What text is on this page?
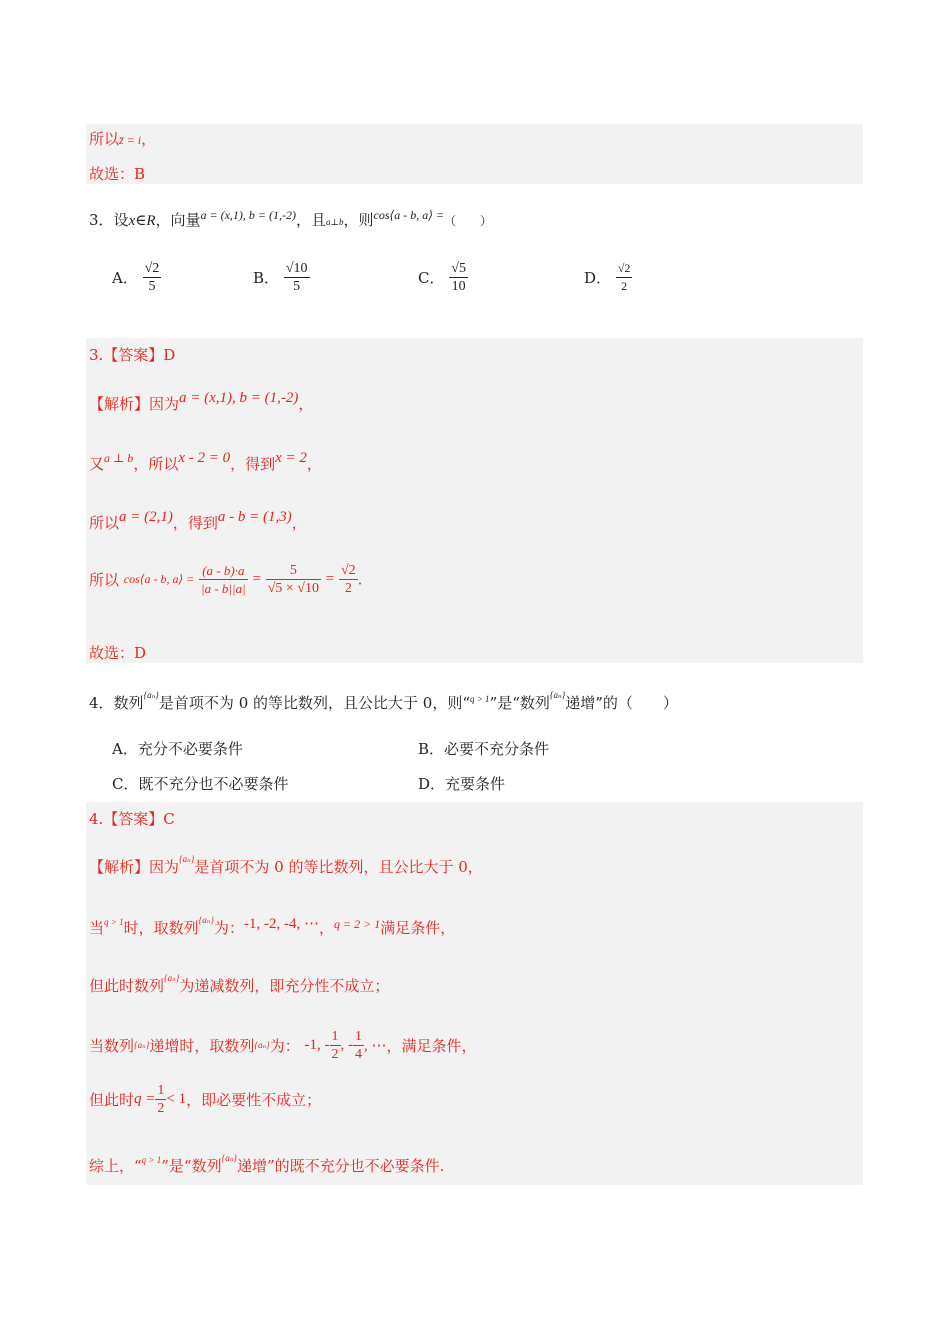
所以z̄ = i，
故选：B
3．设x∈R，向量$^{a = (x,1), b = (1,-2)}$，且a⊥b，则$^{cos⟨a - b, a⟩ =}$（　　）
A． $\frac{√2}{5}$	B． $\frac{√10}{5}$	C． $\frac{√5}{10}$	D． $\frac{√2}{2}$
3.【答案】D
【解析】因为a = (x,1), b = (1,-2)，
又$^{a \perp b}$，所以x - 2 = 0，得到x = 2，
所以a = (2,1)，得到a - b = (1,3)，
所以 cos⟨a - b, a⟩ = $\frac{(a - b)\cdot a}{|a - b||a|} = \frac{5}{√5 \times √10} = \frac{√2}{2}$ .
故选：D
4．数列$^{\{a_n\}}$是首项不为 0 的等比数列，且公比大于 0，则“$^{q > 1}$”是“数列$^{\{a_n\}}$递增”的（　　）
A．充分不必要条件	B．必要不充分条件
C．既不充分也不必要条件	D．充要条件
4.【答案】C
【解析】因为$^{\{a_n\}}$是首项不为 0 的等比数列，且公比大于 0，
当$^{q > 1}$时，取数列$^{\{a_n\}}$为：-1, -2, -4, ⋯，$^{q = 2 > 1}$满足条件，
但此时数列$^{\{a_n\}}$为递减数列，即充分性不成立；
当数列{aₙ}递增时，取数列{aₙ}为： -1, - $\frac{1}{2}$ , - $\frac{1}{4}$ , ⋯，满足条件，
但此时$q = \frac{1}{2} < 1$，即必要性不成立；
综上，“$^{q > 1}$”是“数列$^{\{a_n\}}$递增”的既不充分也不必要条件.
